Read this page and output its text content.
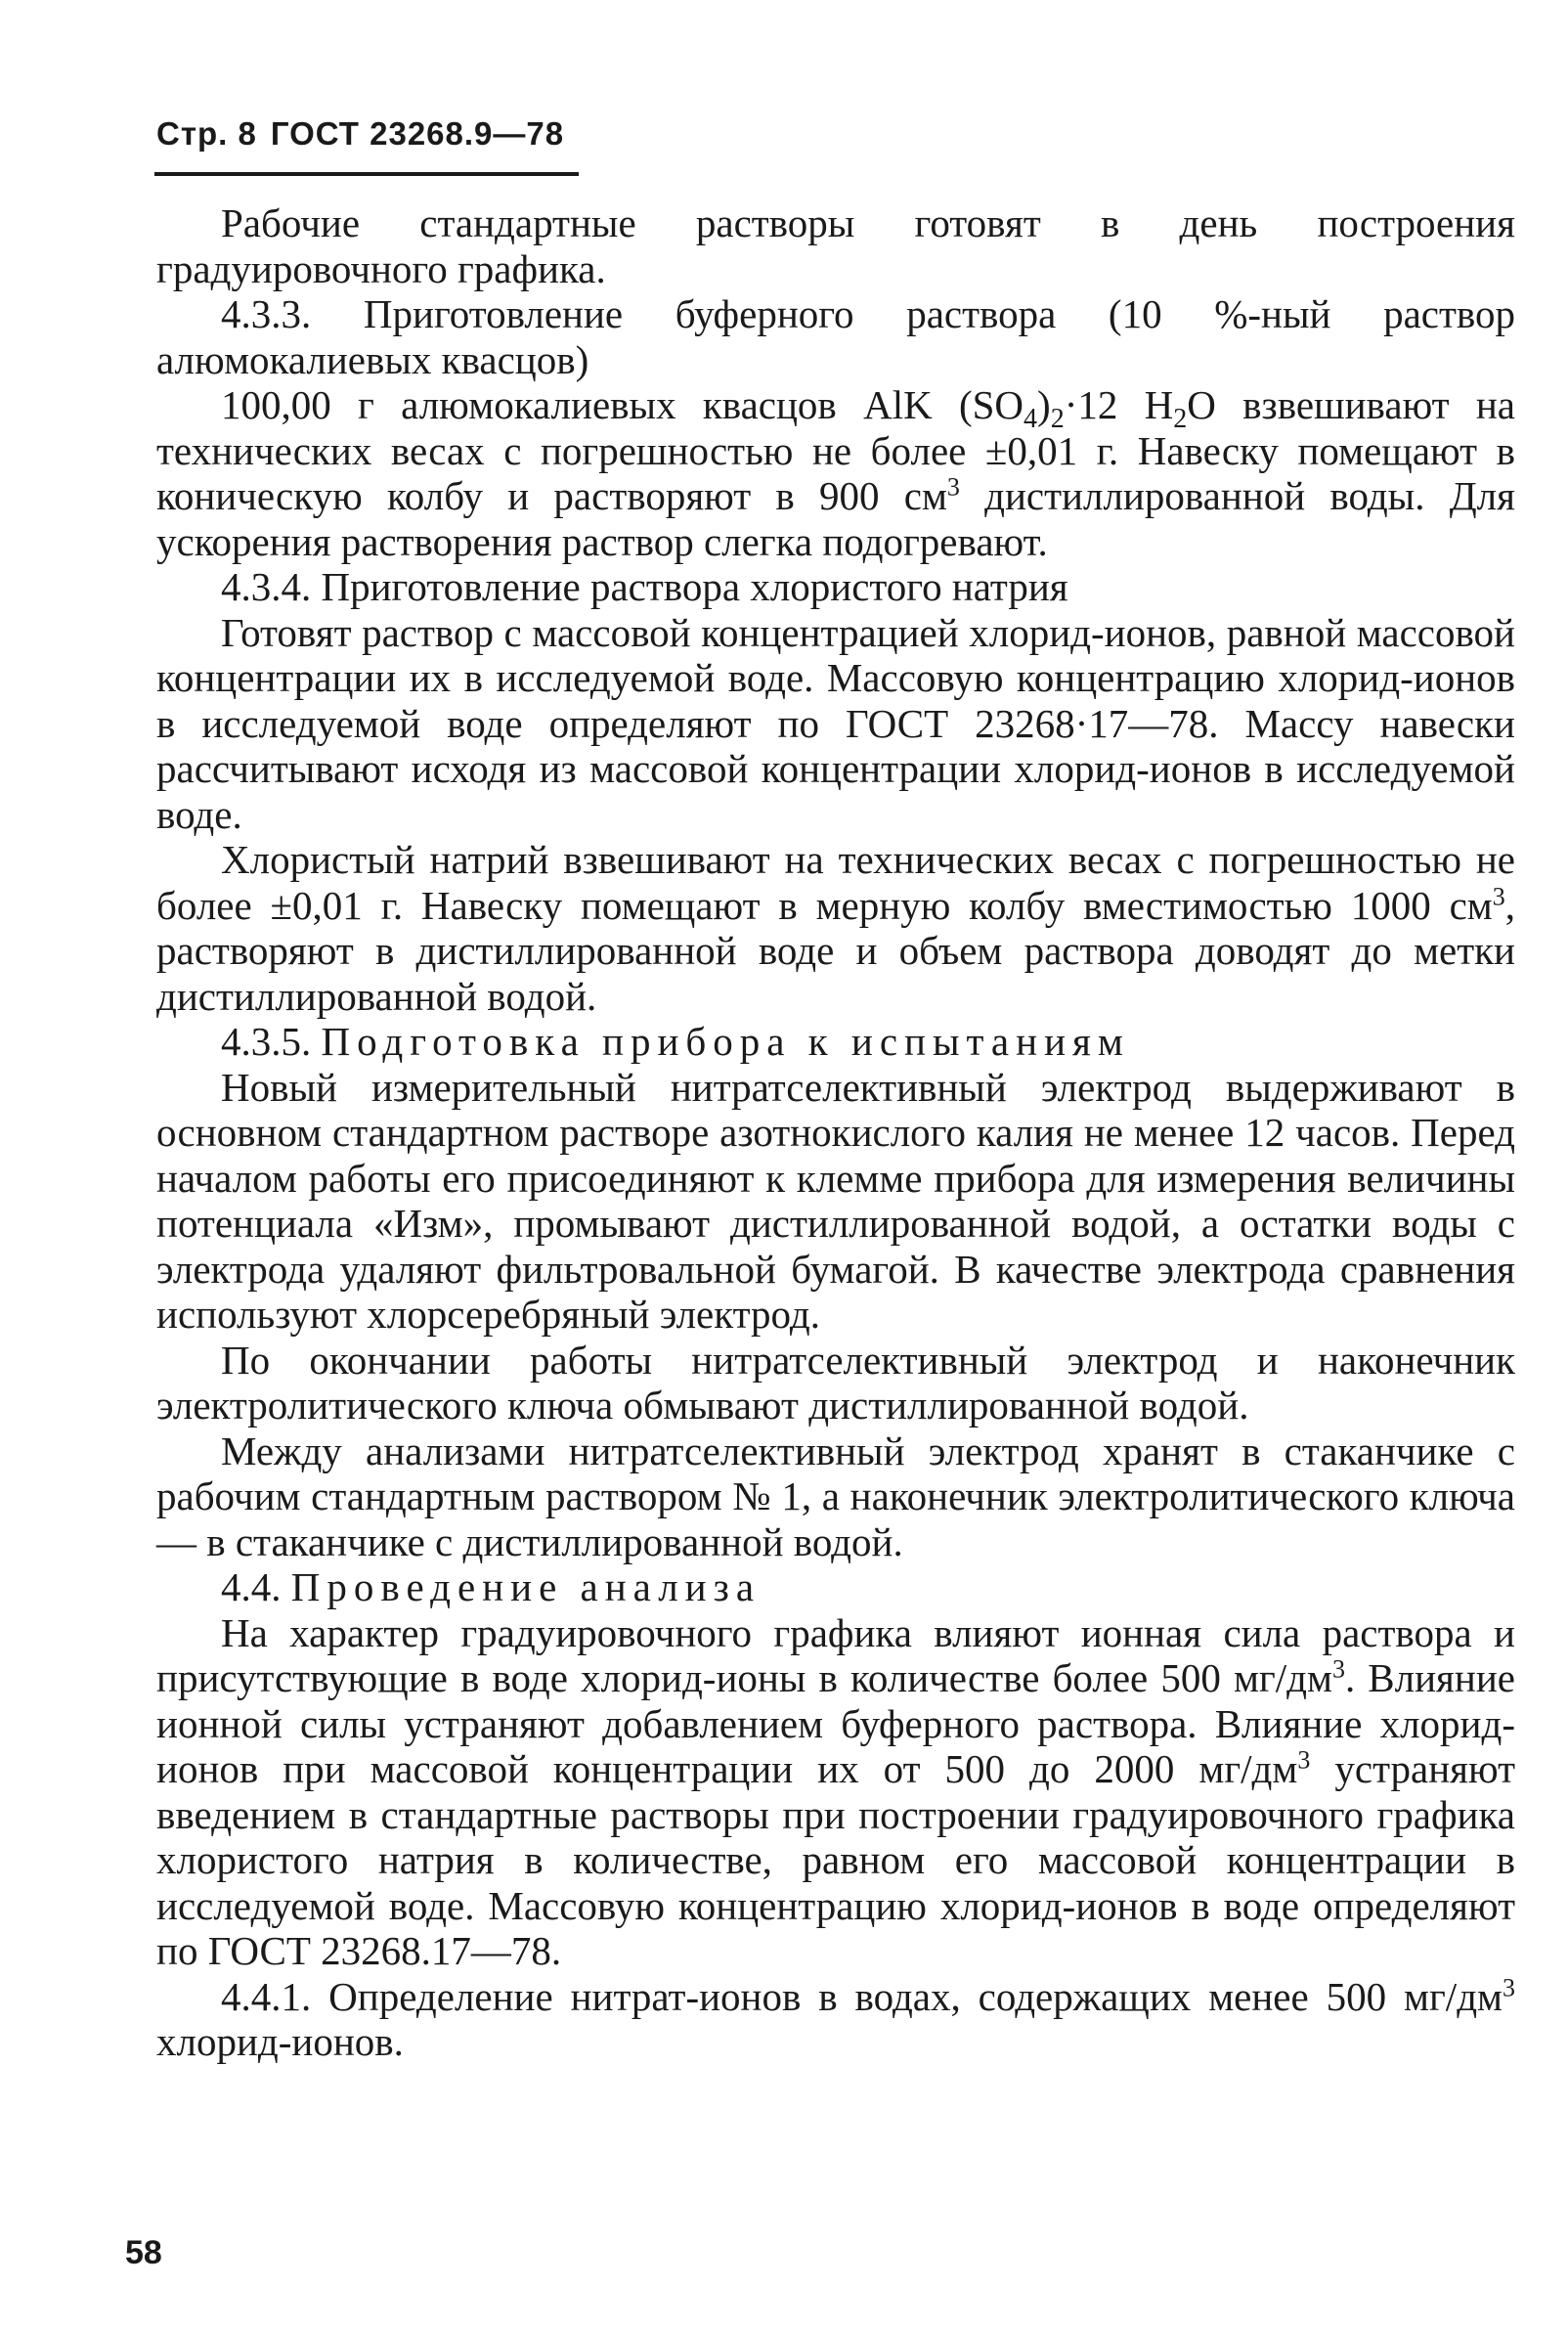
Стр. 8 ГОСТ 23268.9—78

Рабочие стандартные растворы готовят в день построения градуировочного графика.

4.3.3. Приготовление буферного раствора (10 %-ный раствор алюмокалиевых квасцов)

100,00 г алюмокалиевых квасцов AlK $(SO_4)_2\cdot 12$ $H_2O$ взвешивают на технических весах с погрешностью не более ±0,01 г. Навеску помещают в коническую колбу и растворяют в 900 $см^3$ дистиллированной воды. Для ускорения растворения раствор слегка подогревают.

4.3.4. Приготовление раствора хлористого натрия

Готовят раствор с массовой концентрацией хлорид-ионов, равной массовой концентрации их в исследуемой воде. Массовую концентрацию хлорид-ионов в исследуемой воде определяют по ГОСТ 23268·17—78. Массу навески рассчитывают исходя из массовой концентрации хлорид-ионов в исследуемой воде.

Хлористый натрий взвешивают на технических весах с погрешностью не более ±0,01 г. Навеску помещают в мерную колбу вместимостью 1000 $см^3$, растворяют в дистиллированной воде и объем раствора доводят до метки дистиллированной водой.

4.3.5. Подготовка прибора к испытаниям

Новый измерительный нитратселективный электрод выдерживают в основном стандартном растворе азотнокислого калия не менее 12 часов. Перед началом работы его присоединяют к клемме прибора для измерения величины потенциала «Изм», промывают дистиллированной водой, а остатки воды с электрода удаляют фильтровальной бумагой. В качестве электрода сравнения используют хлорсеребряный электрод.

По окончании работы нитратселективный электрод и наконечник электролитического ключа обмывают дистиллированной водой.

Между анализами нитратселективный электрод хранят в стаканчике с рабочим стандартным раствором № 1, а наконечник электролитического ключа — в стаканчике с дистиллированной водой.

4.4. Проведение анализа

На характер градуировочного графика влияют ионная сила раствора и присутствующие в воде хлорид-ионы в количестве более 500 $мг/дм^3$. Влияние ионной силы устраняют добавлением буферного раствора. Влияние хлорид-ионов при массовой концентрации их от 500 до 2000 $мг/дм^3$ устраняют введением в стандартные растворы при построении градуировочного графика хлористого натрия в количестве, равном его массовой концентрации в исследуемой воде. Массовую концентрацию хлорид-ионов в воде определяют по ГОСТ 23268.17—78.

4.4.1. Определение нитрат-ионов в водах, содержащих менее 500 $мг/дм^3$ хлорид-ионов.

58
